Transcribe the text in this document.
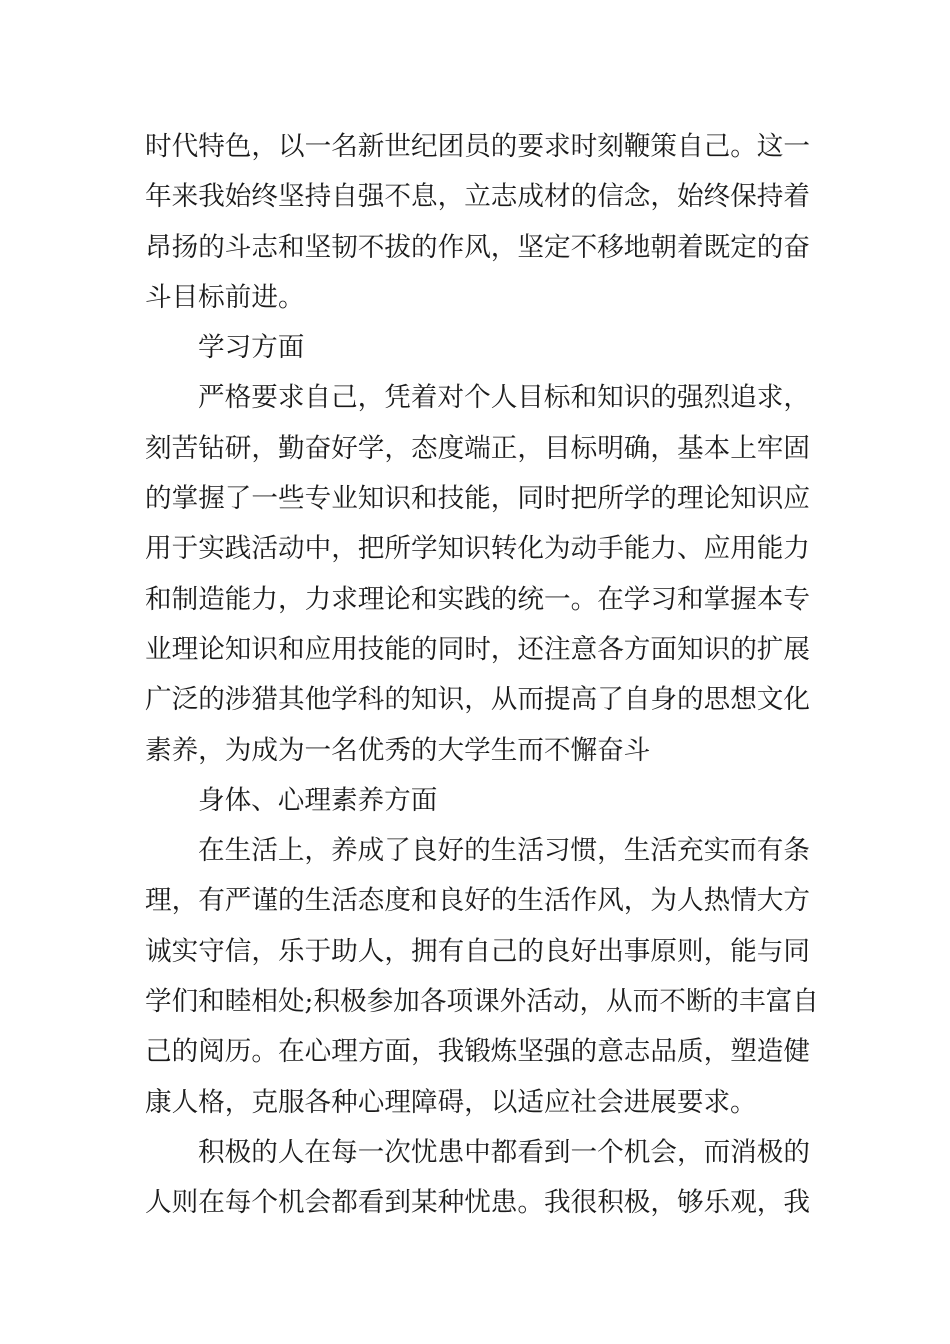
时代特色，以一名新世纪团员的要求时刻鞭策自己。这一
年来我始终坚持自强不息，立志成材的信念，始终保持着
昂扬的斗志和坚韧不拔的作风，坚定不移地朝着既定的奋
斗目标前进。
学习方面
严格要求自己，凭着对个人目标和知识的强烈追求，
刻苦钻研，勤奋好学，态度端正，目标明确，基本上牢固
的掌握了一些专业知识和技能，同时把所学的理论知识应
用于实践活动中，把所学知识转化为动手能力、应用能力
和制造能力，力求理论和实践的统一。在学习和掌握本专
业理论知识和应用技能的同时，还注意各方面知识的扩展
广泛的涉猎其他学科的知识，从而提高了自身的思想文化
素养，为成为一名优秀的大学生而不懈奋斗
身体、心理素养方面
在生活上，养成了良好的生活习惯，生活充实而有条
理，有严谨的生活态度和良好的生活作风，为人热情大方
诚实守信，乐于助人，拥有自己的良好出事原则，能与同
学们和睦相处;积极参加各项课外活动，从而不断的丰富自
己的阅历。在心理方面，我锻炼坚强的意志品质，塑造健
康人格，克服各种心理障碍，以适应社会进展要求。
积极的人在每一次忧患中都看到一个机会，而消极的
人则在每个机会都看到某种忧患。我很积极，够乐观，我
